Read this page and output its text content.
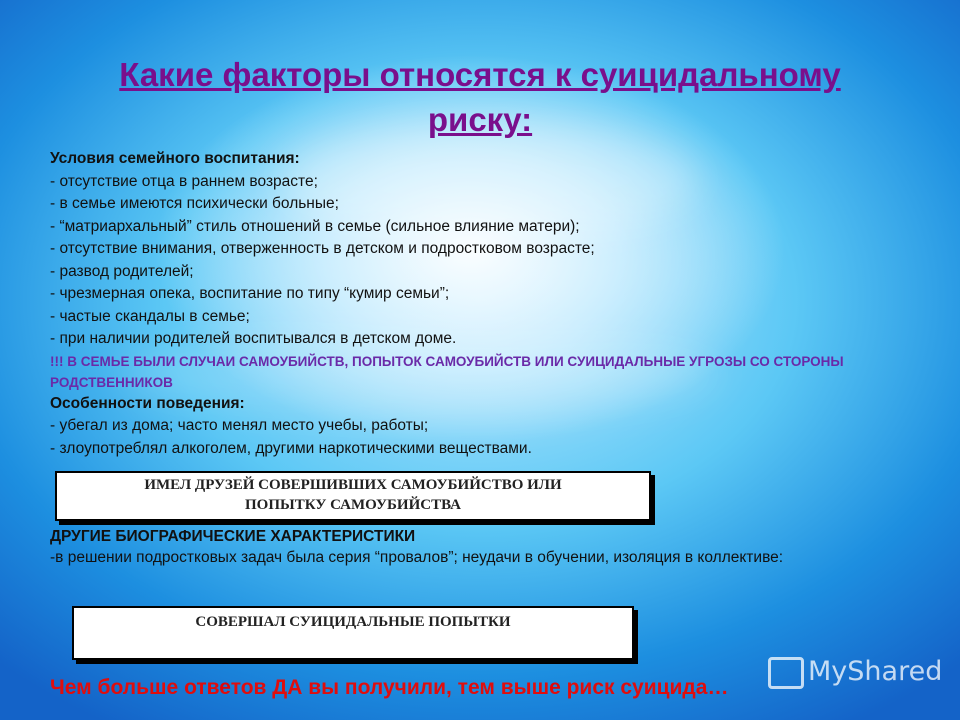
Какие факторы относятся к суицидальному
риску:
Условия семейного воспитания:
- отсутствие отца в раннем возрасте;
- в семье имеются психически больные;
- “матриархальный” стиль отношений в семье (сильное влияние матери);
- отсутствие внимания, отверженность в детском и подростковом возрасте;
- развод родителей;
- чрезмерная опека, воспитание по типу “кумир семьи”;
- частые скандалы в семье;
- при наличии родителей воспитывался в детском доме.
!!! В СЕМЬЕ БЫЛИ СЛУЧАИ САМОУБИЙСТВ, ПОПЫТОК САМОУБИЙСТВ ИЛИ СУИЦИДАЛЬНЫЕ УГРОЗЫ СО СТОРОНЫ РОДСТВЕННИКОВ
Особенности поведения:
- убегал из дома; часто менял место учебы, работы;
- злоупотреблял алкоголем, другими наркотическими веществами.
ИМЕЛ ДРУЗЕЙ СОВЕРШИВШИХ САМОУБИЙСТВО ИЛИ
ПОПЫТКУ САМОУБИЙСТВА
ДРУГИЕ БИОГРАФИЧЕСКИЕ ХАРАКТЕРИСТИКИ
-в решении подростковых задач была серия “провалов”; неудачи в обучении, изоляция в коллективе:
СОВЕРШАЛ СУИЦИДАЛЬНЫЕ ПОПЫТКИ
Чем больше ответов ДА вы получили, тем выше риск суицида…
MyShared
